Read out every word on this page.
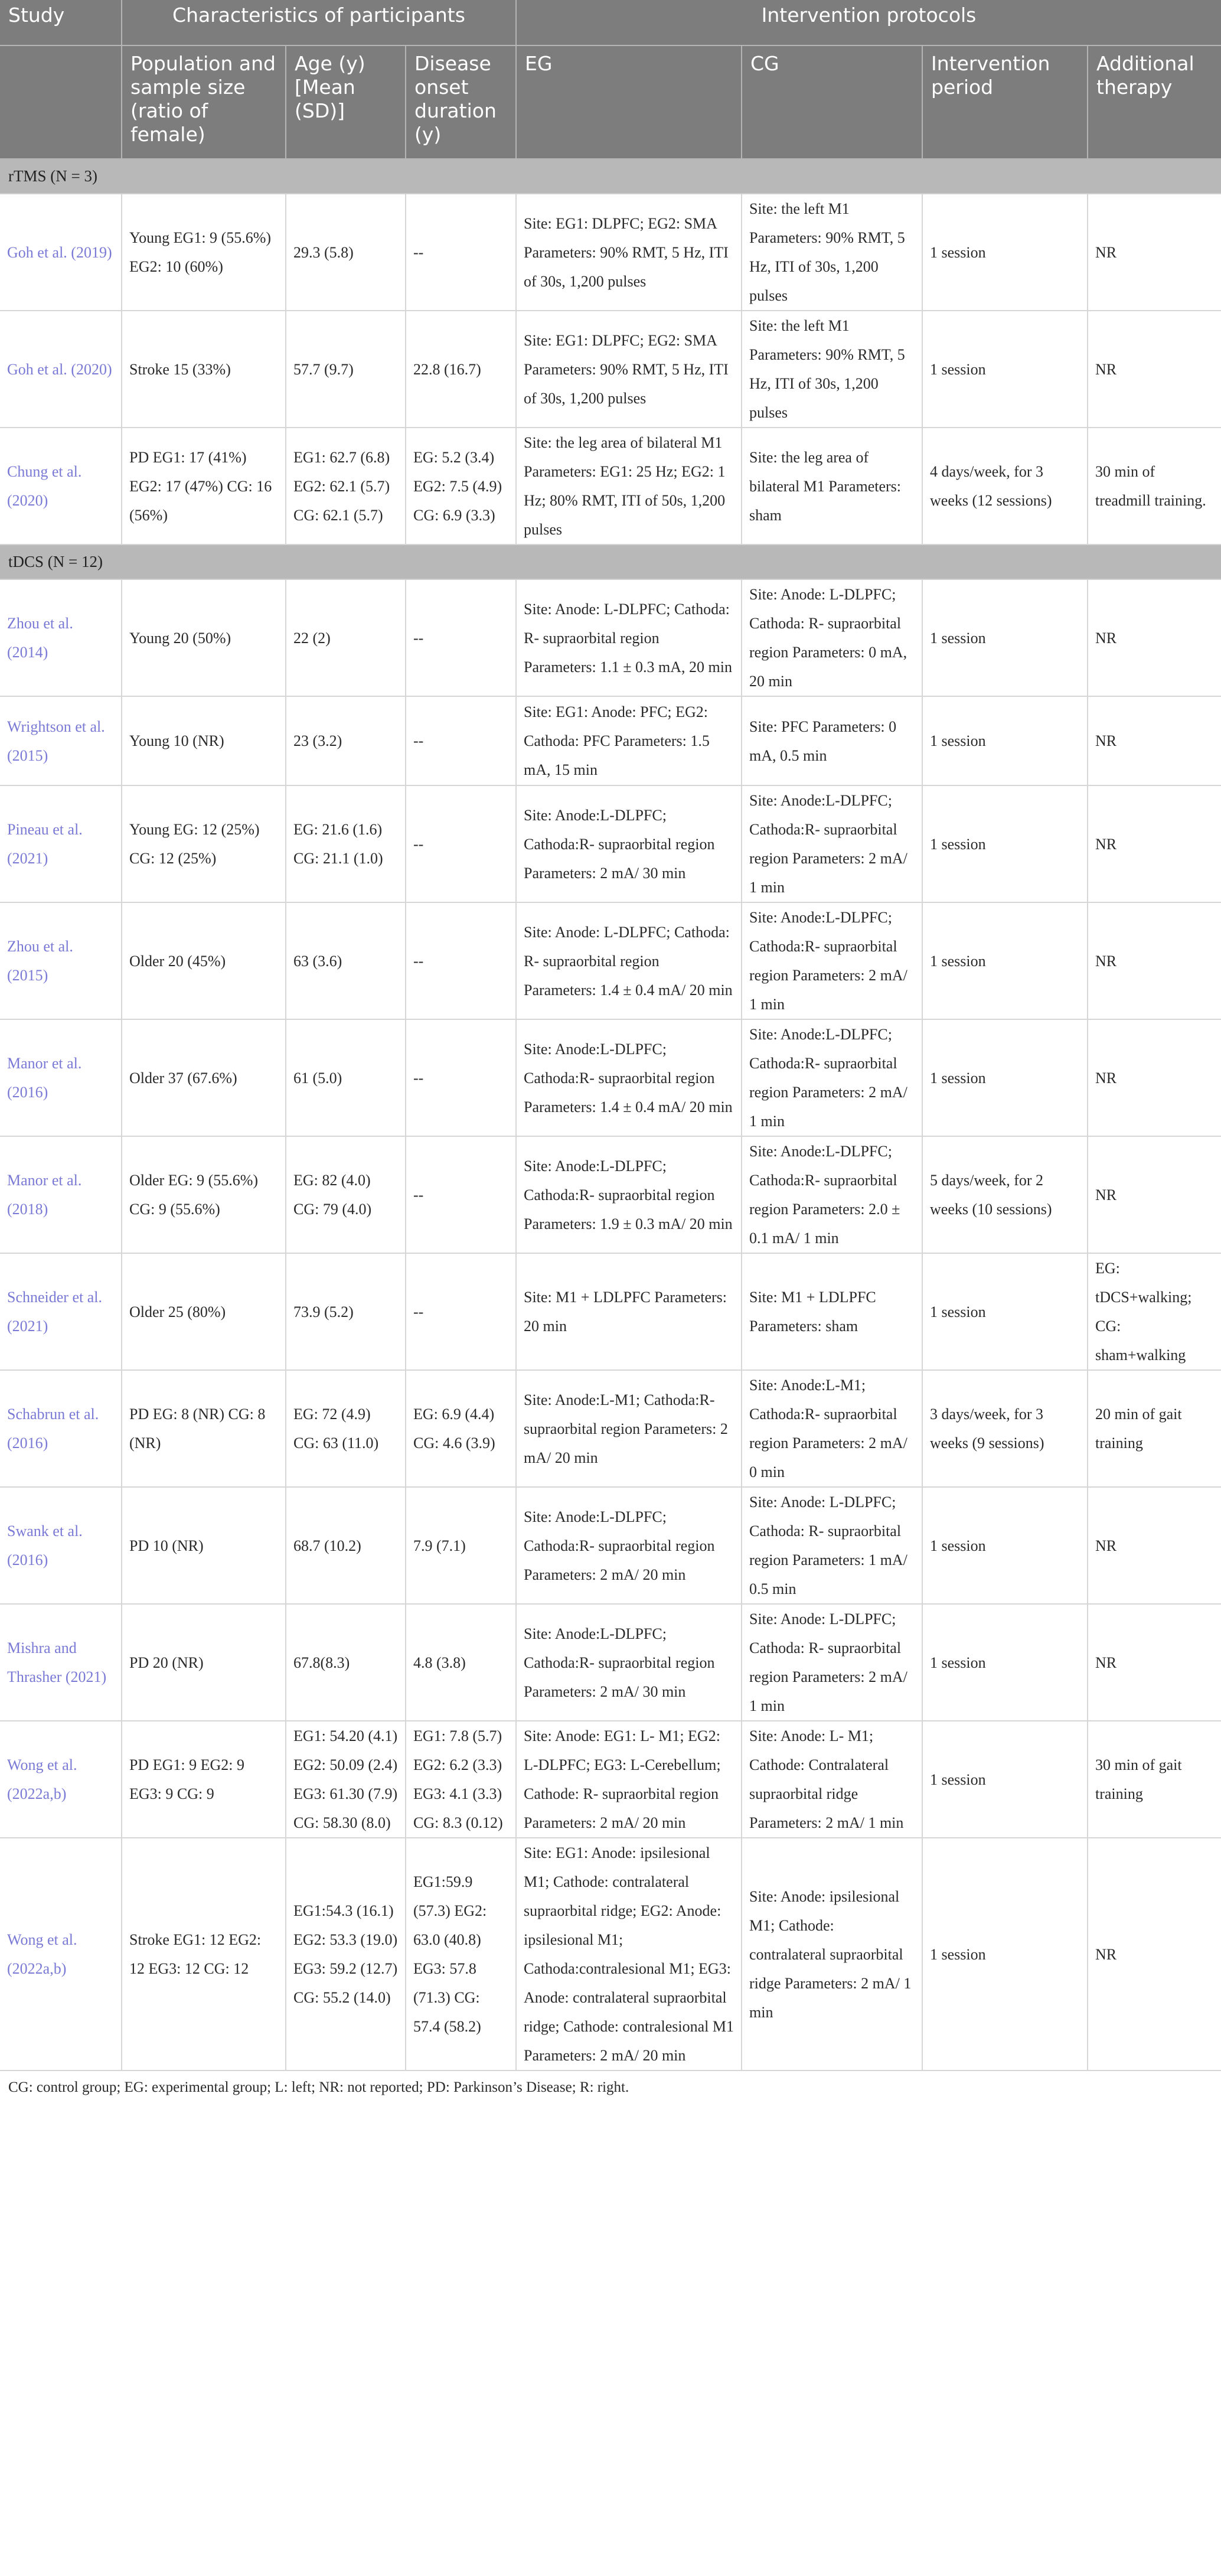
Study	Characteristics of participants			Intervention protocols			
	Population and sample size (ratio of female)	Age (y) [Mean (SD)]	Disease onset duration (y)	EG	CG	Intervention period	Additional therapy
rTMS (N = 3)							
Goh et al. (2019)	Young EG1: 9 (55.6%) EG2: 10 (60%)	29.3 (5.8)	--	Site: EG1: DLPFC; EG2: SMA Parameters: 90% RMT, 5 Hz, ITI of 30s, 1,200 pulses	Site: the left M1 Parameters: 90% RMT, 5 Hz, ITI of 30s, 1,200 pulses	1 session	NR
Goh et al. (2020)	Stroke 15 (33%)	57.7 (9.7)	22.8 (16.7)	Site: EG1: DLPFC; EG2: SMA Parameters: 90% RMT, 5 Hz, ITI of 30s, 1,200 pulses	Site: the left M1 Parameters: 90% RMT, 5 Hz, ITI of 30s, 1,200 pulses	1 session	NR
Chung et al. (2020)	PD EG1: 17 (41%) EG2: 17 (47%) CG: 16 (56%)	EG1: 62.7 (6.8) EG2: 62.1 (5.7) CG: 62.1 (5.7)	EG: 5.2 (3.4) EG2: 7.5 (4.9) CG: 6.9 (3.3)	Site: the leg area of bilateral M1 Parameters: EG1: 25 Hz; EG2: 1 Hz; 80% RMT, ITI of 50s, 1,200 pulses	Site: the leg area of bilateral M1 Parameters: sham	4 days/week, for 3 weeks (12 sessions)	30 min of treadmill training.
tDCS (N = 12)							
Zhou et al. (2014)	Young 20 (50%)	22 (2)	--	Site: Anode: L-DLPFC; Cathoda: R- supraorbital region Parameters: 1.1 ± 0.3 mA, 20 min	Site: Anode: L-DLPFC; Cathoda: R- supraorbital region Parameters: 0 mA, 20 min	1 session	NR
Wrightson et al. (2015)	Young 10 (NR)	23 (3.2)	--	Site: EG1: Anode: PFC; EG2: Cathoda: PFC Parameters: 1.5 mA, 15 min	Site: PFC Parameters: 0 mA, 0.5 min	1 session	NR
Pineau et al. (2021)	Young EG: 12 (25%) CG: 12 (25%)	EG: 21.6 (1.6) CG: 21.1 (1.0)	--	Site: Anode:L-DLPFC; Cathoda:R- supraorbital region Parameters: 2 mA/ 30 min	Site: Anode:L-DLPFC; Cathoda:R- supraorbital region Parameters: 2 mA/ 1 min	1 session	NR
Zhou et al. (2015)	Older 20 (45%)	63 (3.6)	--	Site: Anode: L-DLPFC; Cathoda: R- supraorbital region Parameters: 1.4 ± 0.4 mA/ 20 min	Site: Anode:L-DLPFC; Cathoda:R- supraorbital region Parameters: 2 mA/ 1 min	1 session	NR
Manor et al. (2016)	Older 37 (67.6%)	61 (5.0)	--	Site: Anode:L-DLPFC; Cathoda:R- supraorbital region Parameters: 1.4 ± 0.4 mA/ 20 min	Site: Anode:L-DLPFC; Cathoda:R- supraorbital region Parameters: 2 mA/ 1 min	1 session	NR
Manor et al. (2018)	Older EG: 9 (55.6%) CG: 9 (55.6%)	EG: 82 (4.0) CG: 79 (4.0)	--	Site: Anode:L-DLPFC; Cathoda:R- supraorbital region Parameters: 1.9 ± 0.3 mA/ 20 min	Site: Anode:L-DLPFC; Cathoda:R- supraorbital region Parameters: 2.0 ± 0.1 mA/ 1 min	5 days/week, for 2 weeks (10 sessions)	NR
Schneider et al. (2021)	Older 25 (80%)	73.9 (5.2)	--	Site: M1 + LDLPFC Parameters: 20 min	Site: M1 + LDLPFC Parameters: sham	1 session	EG: tDCS+walking; CG: sham+walking
Schabrun et al. (2016)	PD EG: 8 (NR) CG: 8 (NR)	EG: 72 (4.9) CG: 63 (11.0)	EG: 6.9 (4.4) CG: 4.6 (3.9)	Site: Anode:L-M1; Cathoda:R- supraorbital region Parameters: 2 mA/ 20 min	Site: Anode:L-M1; Cathoda:R- supraorbital region Parameters: 2 mA/ 0 min	3 days/week, for 3 weeks (9 sessions)	20 min of gait training
Swank et al. (2016)	PD 10 (NR)	68.7 (10.2)	7.9 (7.1)	Site: Anode:L-DLPFC; Cathoda:R- supraorbital region Parameters: 2 mA/ 20 min	Site: Anode: L-DLPFC; Cathoda: R- supraorbital region Parameters: 1 mA/ 0.5 min	1 session	NR
Mishra and Thrasher (2021)	PD 20 (NR)	67.8(8.3)	4.8 (3.8)	Site: Anode:L-DLPFC; Cathoda:R- supraorbital region Parameters: 2 mA/ 30 min	Site: Anode: L-DLPFC; Cathoda: R- supraorbital region Parameters: 2 mA/ 1 min	1 session	NR
Wong et al. (2022a,b)	PD EG1: 9 EG2: 9 EG3: 9 CG: 9	EG1: 54.20 (4.1) EG2: 50.09 (2.4) EG3: 61.30 (7.9) CG: 58.30 (8.0)	EG1: 7.8 (5.7) EG2: 6.2 (3.3) EG3: 4.1 (3.3) CG: 8.3 (0.12)	Site: Anode: EG1: L- M1; EG2: L-DLPFC; EG3: L-Cerebellum; Cathode: R- supraorbital region Parameters: 2 mA/ 20 min	Site: Anode: L- M1; Cathode: Contralateral supraorbital ridge Parameters: 2 mA/ 1 min	1 session	30 min of gait training
Wong et al. (2022a,b)	Stroke EG1: 12 EG2: 12 EG3: 12 CG: 12	EG1:54.3 (16.1) EG2: 53.3 (19.0) EG3: 59.2 (12.7) CG: 55.2 (14.0)	EG1:59.9 (57.3) EG2: 63.0 (40.8) EG3: 57.8 (71.3) CG: 57.4 (58.2)	Site: EG1: Anode: ipsilesional M1; Cathode: contralateral supraorbital ridge; EG2: Anode: ipsilesional M1; Cathoda:contralesional M1; EG3: Anode: contralateral supraorbital ridge; Cathode: contralesional M1 Parameters: 2 mA/ 20 min	Site: Anode: ipsilesional M1; Cathode: contralateral supraorbital ridge Parameters: 2 mA/ 1 min	1 session	NR
CG: control group; EG: experimental group; L: left; NR: not reported; PD: Parkinson’s Disease; R: right.
